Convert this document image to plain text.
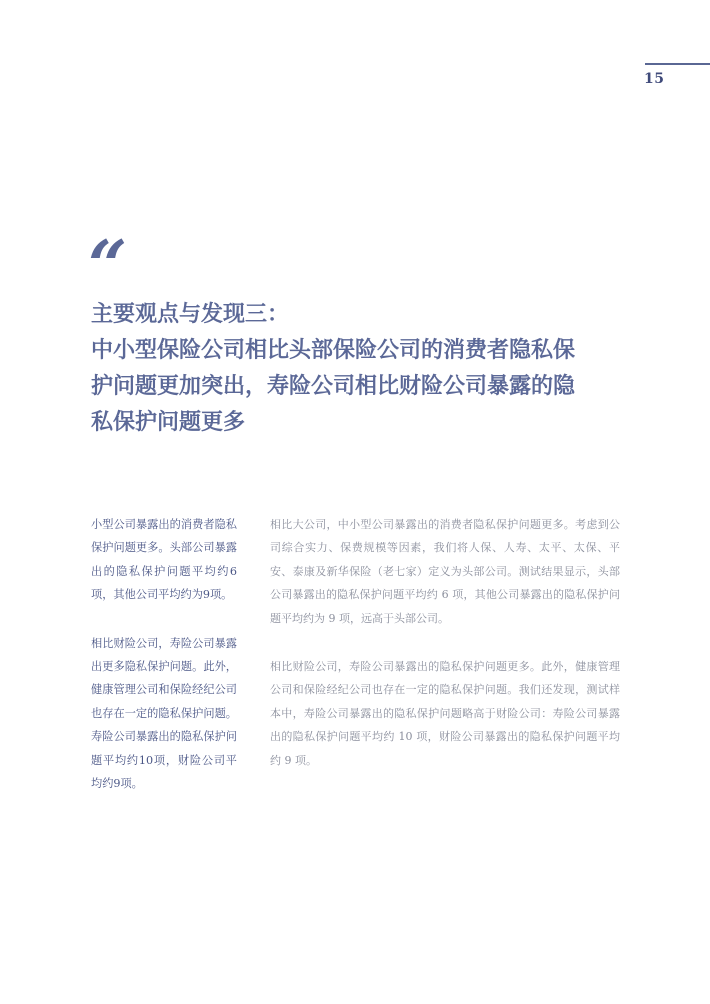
15
“
主要观点与发现三：
中小型保险公司相比头部保险公司的消费者隐私保
护问题更加突出，寿险公司相比财险公司暴露的隐
私保护问题更多

小型公司暴露出的消费者隐私保护问题更多。头部公司暴露出的隐私保护问题平均约6项，其他公司平均约为9项。

相比财险公司，寿险公司暴露出更多隐私保护问题。此外，健康管理公司和保险经纪公司也存在一定的隐私保护问题。寿险公司暴露出的隐私保护问题平均约10项，财险公司平均约9项。

相比大公司，中小型公司暴露出的消费者隐私保护问题更多。考虑到公司综合实力、保费规模等因素，我们将人保、人寿、太平、太保、平安、泰康及新华保险（老七家）定义为头部公司。测试结果显示，头部公司暴露出的隐私保护问题平均约 6 项，其他公司暴露出的隐私保护问题平均约为 9 项，远高于头部公司。

相比财险公司，寿险公司暴露出的隐私保护问题更多。此外，健康管理公司和保险经纪公司也存在一定的隐私保护问题。我们还发现，测试样本中，寿险公司暴露出的隐私保护问题略高于财险公司：寿险公司暴露出的隐私保护问题平均约 10 项，财险公司暴露出的隐私保护问题平均约 9 项。
